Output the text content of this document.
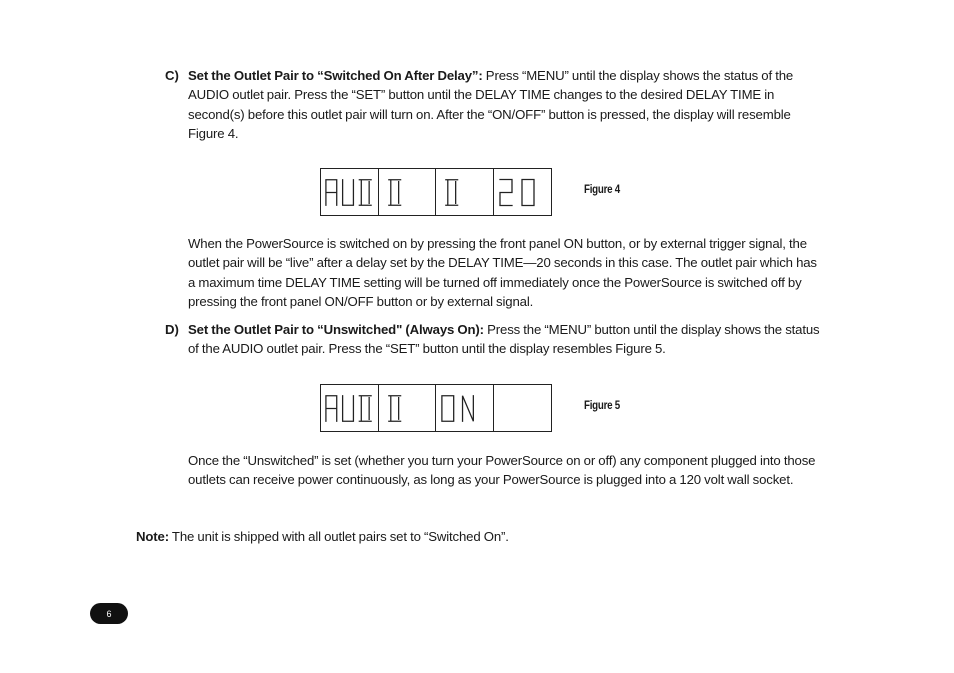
C) Set the Outlet Pair to “Switched On After Delay”: Press “MENU” until the display shows the status of the AUDIO outlet pair. Press the “SET” button until the DELAY TIME changes to the desired DELAY TIME in second(s) before this outlet pair will turn on. After the “ON/OFF” button is pressed, the display will resemble Figure 4.

Figure 4

When the PowerSource is switched on by pressing the front panel ON button, or by external trigger signal, the outlet pair will be “live” after a delay set by the DELAY TIME—20 seconds in this case. The outlet pair which has a maximum time DELAY TIME setting will be turned off immediately once the PowerSource is switched off by pressing the front panel ON/OFF button or by external signal.

D) Set the Outlet Pair to “Unswitched" (Always On): Press the “MENU” button until the display shows the status of the AUDIO outlet pair. Press the “SET” button until the display resembles Figure 5.

Figure 5

Once the “Unswitched” is set (whether you turn your PowerSource on or off) any component plugged into those outlets can receive power continuously, as long as your PowerSource is plugged into a 120 volt wall socket.

Note: The unit is shipped with all outlet pairs set to “Switched On”.

6
